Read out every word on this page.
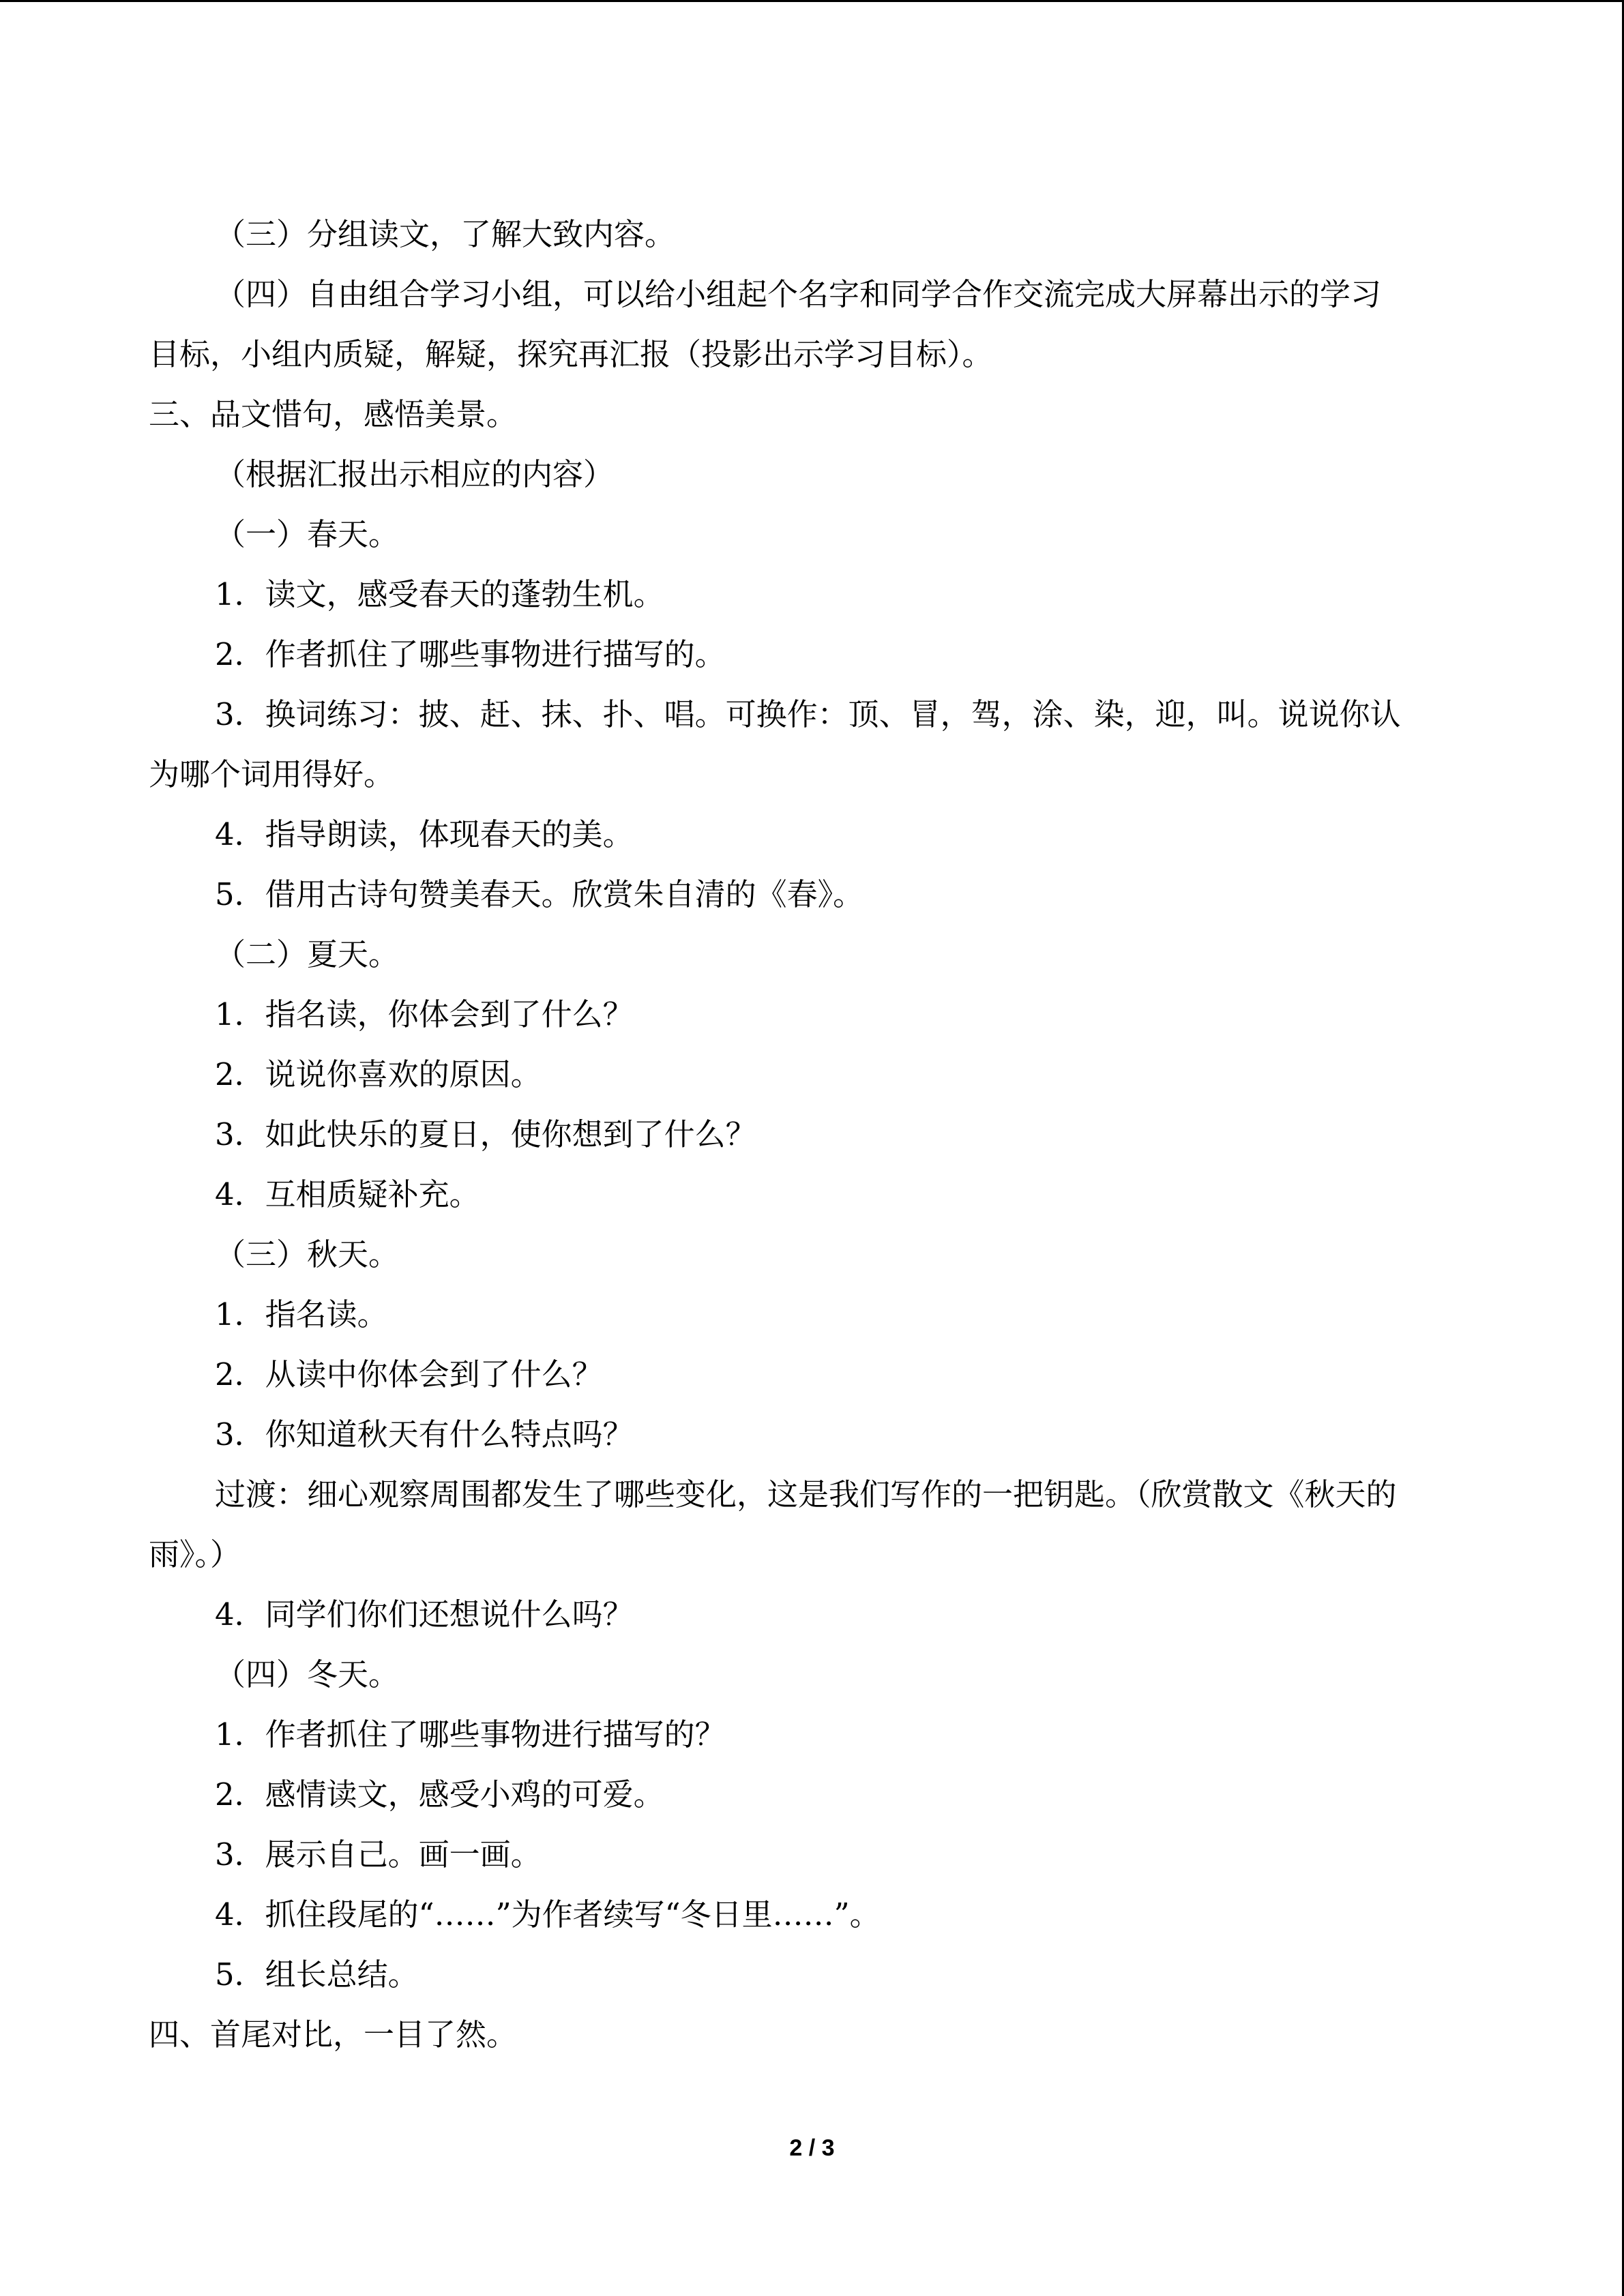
（三）分组读文，了解大致内容。

（四）自由组合学习小组，可以给小组起个名字和同学合作交流完成大屏幕出示的学习

目标，小组内质疑，解疑，探究再汇报（投影出示学习目标）。

三、品文惜句，感悟美景。

（根据汇报出示相应的内容）

（一）春天。

1．读文，感受春天的蓬勃生机。

2．作者抓住了哪些事物进行描写的。

3．换词练习：披、赶、抹、扑、唱。可换作：顶、冒，驾，涂、染，迎，叫。说说你认

为哪个词用得好。

4．指导朗读，体现春天的美。

5．借用古诗句赞美春天。欣赏朱自清的《春》。

（二）夏天。

1．指名读，你体会到了什么？

2．说说你喜欢的原因。

3．如此快乐的夏日，使你想到了什么？

4．互相质疑补充。

（三）秋天。

1．指名读。

2．从读中你体会到了什么？

3．你知道秋天有什么特点吗？

过渡：细心观察周围都发生了哪些变化，这是我们写作的一把钥匙。（欣赏散文《秋天的

雨》。）

4．同学们你们还想说什么吗？

（四）冬天。

1．作者抓住了哪些事物进行描写的？

2．感情读文，感受小鸡的可爱。

3．展示自己。画一画。

4．抓住段尾的“……”为作者续写“冬日里……”。

5．组长总结。

四、首尾对比，一目了然。

2 / 3
